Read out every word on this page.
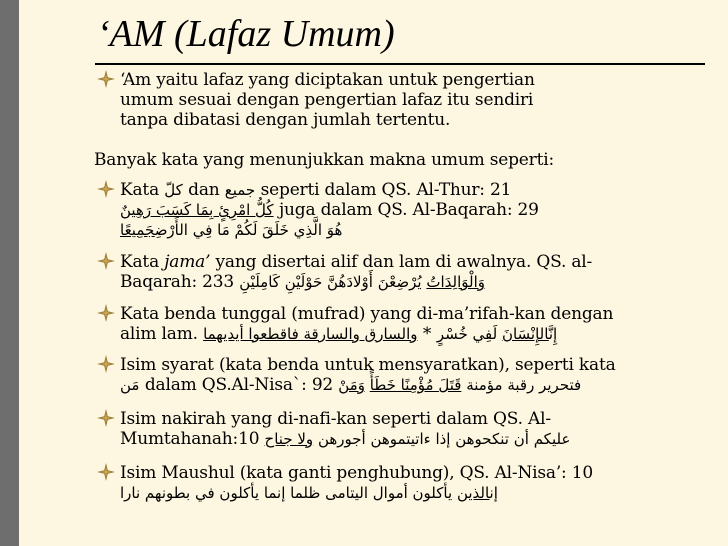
‘AM (Lafaz Umum)
‘Am yaitu lafaz yang diciptakan untuk pengertian
umum sesuai dengan pengertian lafaz itu sendiri
tanpa dibatasi dengan jumlah tertentu.
Banyak kata yang menunjukkan makna umum seperti:
Kata كلّ dan جميع seperti dalam QS. Al-Thur: 21
كُلُّ امْرِئٍ بِمَا كَسَبَ رَهِينٌ juga dalam QS. Al-Baqarah: 29
هُوَ الَّذِي خَلَقَ لَكُمْ مَا فِي الأَرْضِجَمِيعًا
Kata jama’ yang disertai alif dan lam di awalnya. QS. al-
Baqarah: 233	وَالْوَالِدَاتُ يُرْضِعْنَ أَوْلادَهُنَّ حَوْلَيْنِ كَامِلَيْنِ
Kata benda tunggal (mufrad) yang di-ma’rifah-kan dengan
alim lam. والسارق والسارقة فاقطعوا أيديهما *	إِنَّالإِنْسَانَ لَفِي خُسْرٍ
Isim syarat (kata benda untuk mensyaratkan), seperti kata
مَن dalam QS.Al-Nisa`: 92	فتحرير رقبة مؤمنة قَتَلَ مُؤْمِنًا خَطَأً وَمَنْ
Isim nakirah yang di-nafi-kan seperti dalam QS. Al-
Mumtahanah:10	عليكم أن تنكحوهن إذا ءاتيتموهن أجورهن ولا جناح
Isim Maushul (kata ganti penghubung), QS. Al-Nisa’: 10
إنالذين يأكلون أموال اليتامى ظلما إنما يأكلون في بطونهم نارا
